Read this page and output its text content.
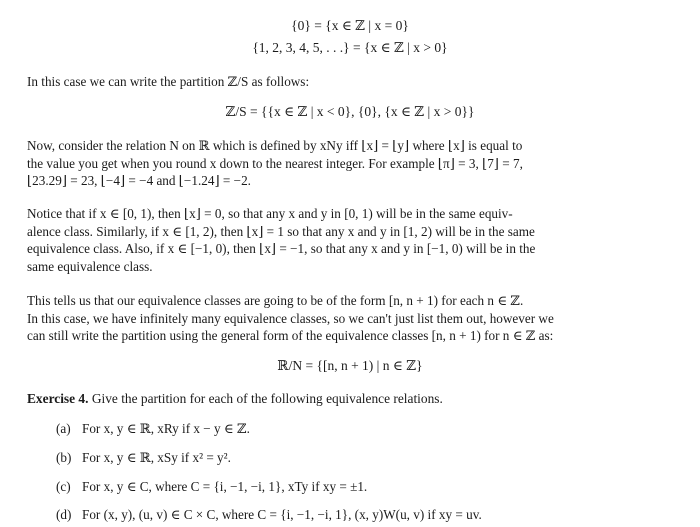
{0} = {x ∈ ℤ | x = 0}
{1, 2, 3, 4, 5, . . .} = {x ∈ ℤ | x > 0}
In this case we can write the partition ℤ/S as follows:
ℤ/S = {{x ∈ ℤ | x < 0}, {0}, {x ∈ ℤ | x > 0}}
Now, consider the relation N on ℝ which is defined by xNy iff ⌊x⌋ = ⌊y⌋ where ⌊x⌋ is equal to
the value you get when you round x down to the nearest integer. For example ⌊π⌋ = 3, ⌊7⌋ = 7,
⌊23.29⌋ = 23, ⌊−4⌋ = −4 and ⌊−1.24⌋ = −2.
Notice that if x ∈ [0, 1), then ⌊x⌋ = 0, so that any x and y in [0, 1) will be in the same equiv-
alence class. Similarly, if x ∈ [1, 2), then ⌊x⌋ = 1 so that any x and y in [1, 2) will be in the same
equivalence class. Also, if x ∈ [−1, 0), then ⌊x⌋ = −1, so that any x and y in [−1, 0) will be in the
same equivalence class.
This tells us that our equivalence classes are going to be of the form [n, n + 1) for each n ∈ ℤ.
In this case, we have infinitely many equivalence classes, so we can't just list them out, however we
can still write the partition using the general form of the equivalence classes [n, n + 1) for n ∈ ℤ as:
ℝ/N = {[n, n + 1) | n ∈ ℤ}
Exercise 4. Give the partition for each of the following equivalence relations.
(a) For x, y ∈ ℝ, xRy if x − y ∈ ℤ.
(b) For x, y ∈ ℝ, xSy if x² = y².
(c) For x, y ∈ C, where C = {i, −1, −i, 1}, xTy if xy = ±1.
(d) For (x, y), (u, v) ∈ C × C, where C = {i, −1, −i, 1}, (x, y)W(u, v) if xy = uv.
